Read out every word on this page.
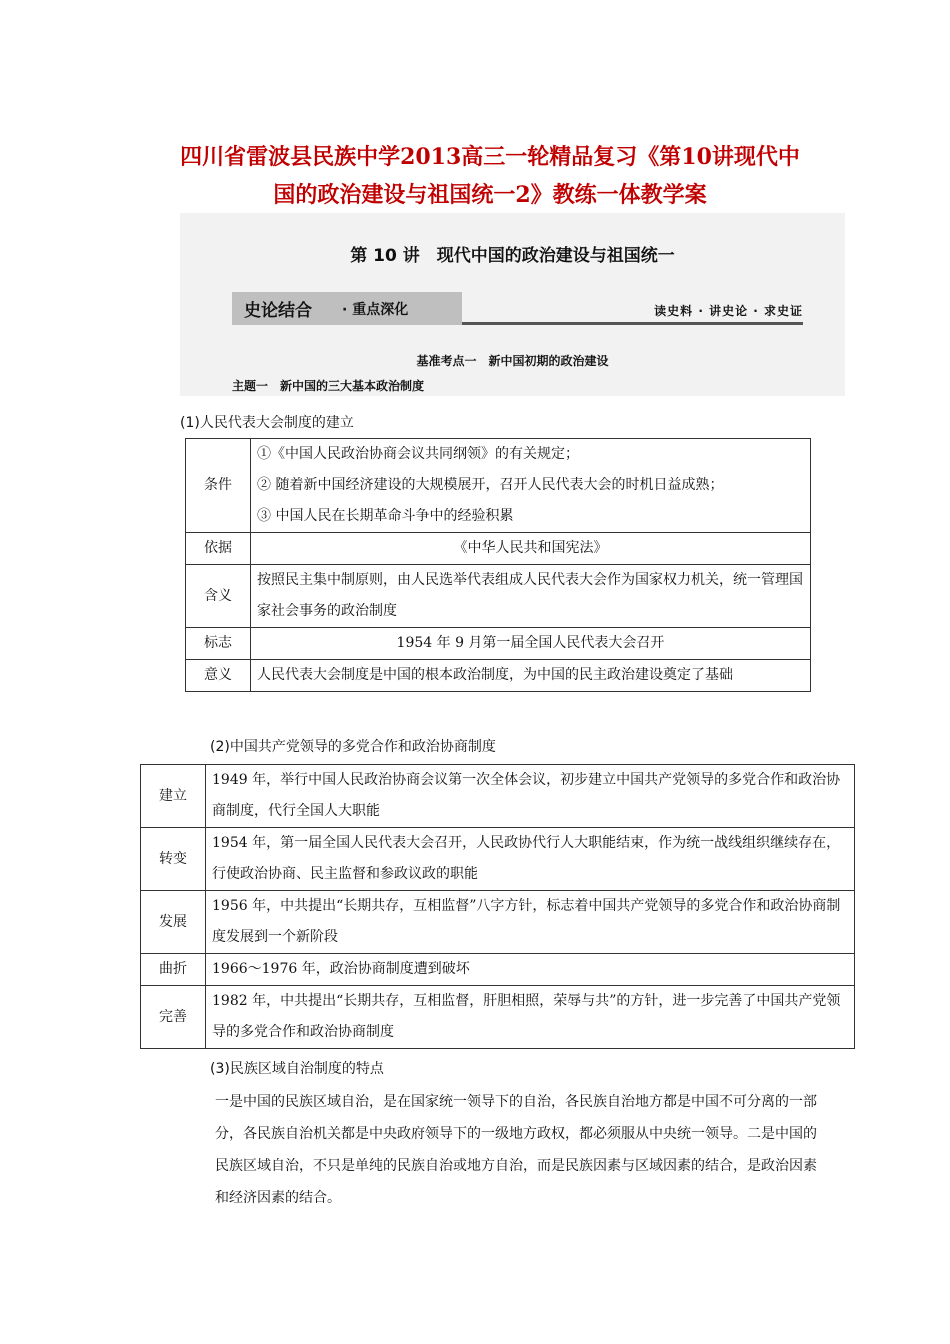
四川省雷波县民族中学2013高三一轮精品复习《第10讲现代中
国的政治建设与祖国统一2》教练一体教学案
第 10 讲　现代中国的政治建设与祖国统一
史论结合 · 重点深化	读史料 · 讲史论 · 求史证
基准考点一　新中国初期的政治建设
主题一　新中国的三大基本政治制度
(1)人民代表大会制度的建立
条件	①《中国人民政治协商会议共同纲领》的有关规定；
② 随着新中国经济建设的大规模展开，召开人民代表大会的时机日益成熟；
③ 中国人民在长期革命斗争中的经验积累

依据	《中华人民共和国宪法》
含义	按照民主集中制原则，由人民选举代表组成人民代表大会作为国家权力机关，统一管理国家社会事务的政治制度
标志	1954 年 9 月第一届全国人民代表大会召开
意义	人民代表大会制度是中国的根本政治制度，为中国的民主政治建设奠定了基础
(2)中国共产党领导的多党合作和政治协商制度
建立	1949 年，举行中国人民政治协商会议第一次全体会议，初步建立中国共产党领导的多党合作和政治协商制度，代行全国人大职能
转变	1954 年，第一届全国人民代表大会召开，人民政协代行人大职能结束，作为统一战线组织继续存在，行使政治协商、民主监督和参政议政的职能
发展	1956 年，中共提出“长期共存，互相监督”八字方针，标志着中国共产党领导的多党合作和政治协商制度发展到一个新阶段
曲折	1966～1976 年，政治协商制度遭到破坏
完善	1982 年，中共提出“长期共存，互相监督，肝胆相照，荣辱与共”的方针，进一步完善了中国共产党领导的多党合作和政治协商制度
(3)民族区域自治制度的特点
一是中国的民族区域自治，是在国家统一领导下的自治，各民族自治地方都是中国不可分离的一部分，各民族自治机关都是中央政府领导下的一级地方政权，都必须服从中央统一领导。二是中国的民族区域自治，不只是单纯的民族自治或地方自治，而是民族因素与区域因素的结合，是政治因素和经济因素的结合。
